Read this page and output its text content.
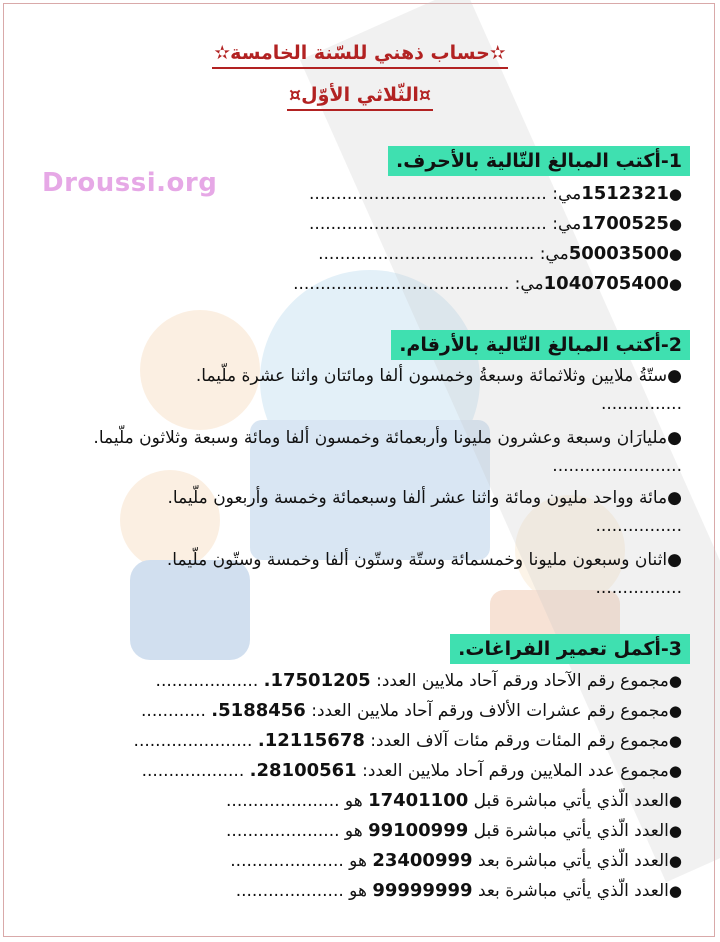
Droussi.org
✫حساب ذهني للسّنة الخامسة✫
¤الثّلاثي الأوّل¤
1-أكتب المبالغ التّالية بالأحرف.
●1512321مي: ............................................
●1700525مي: ............................................
●50003500مي: ........................................
●1040705400مي: ........................................
2-أكتب المبالغ التّالية بالأرقام.
●ستّةُ ملايين وثلاثمائة وسبعةُ وخمسون ألفا ومائتان واثنا عشرة ملّيما.
...............
●مليارَان وسبعة وعشرون مليونا وأربعمائة وخمسون ألفا ومائة وسبعة وثلاثون ملّيما. ........................
●مائة وواحد مليون ومائة واثنا عشر ألفا وسبعمائة وخمسة وأربعون ملّيما.
................
●اثنان وسبعون مليونا وخمسمائة وستّة وستّون ألفا وخمسة وستّون ملّيما.
................
3-أكمل تعمير الفراغات.
●مجموع رقم الآحاد ورقم آحاد ملايين العدد: 17501205. ...................
●مجموع رقم عشرات الألاف ورقم آحاد ملايين العدد: 5188456. ............
●مجموع رقم المئات ورقم مئات آلاف العدد: 12115678. ......................
●مجموع عدد الملايين ورقم آحاد ملايين العدد: 28100561. ...................
●العدد الّذي يأتي مباشرة قبل 17401100 هو .....................
●العدد الّذي يأتي مباشرة قبل 99100999 هو .....................
●العدد الّذي يأتي مباشرة بعد 23400999 هو .....................
●العدد الّذي يأتي مباشرة بعد 99999999 هو ....................
